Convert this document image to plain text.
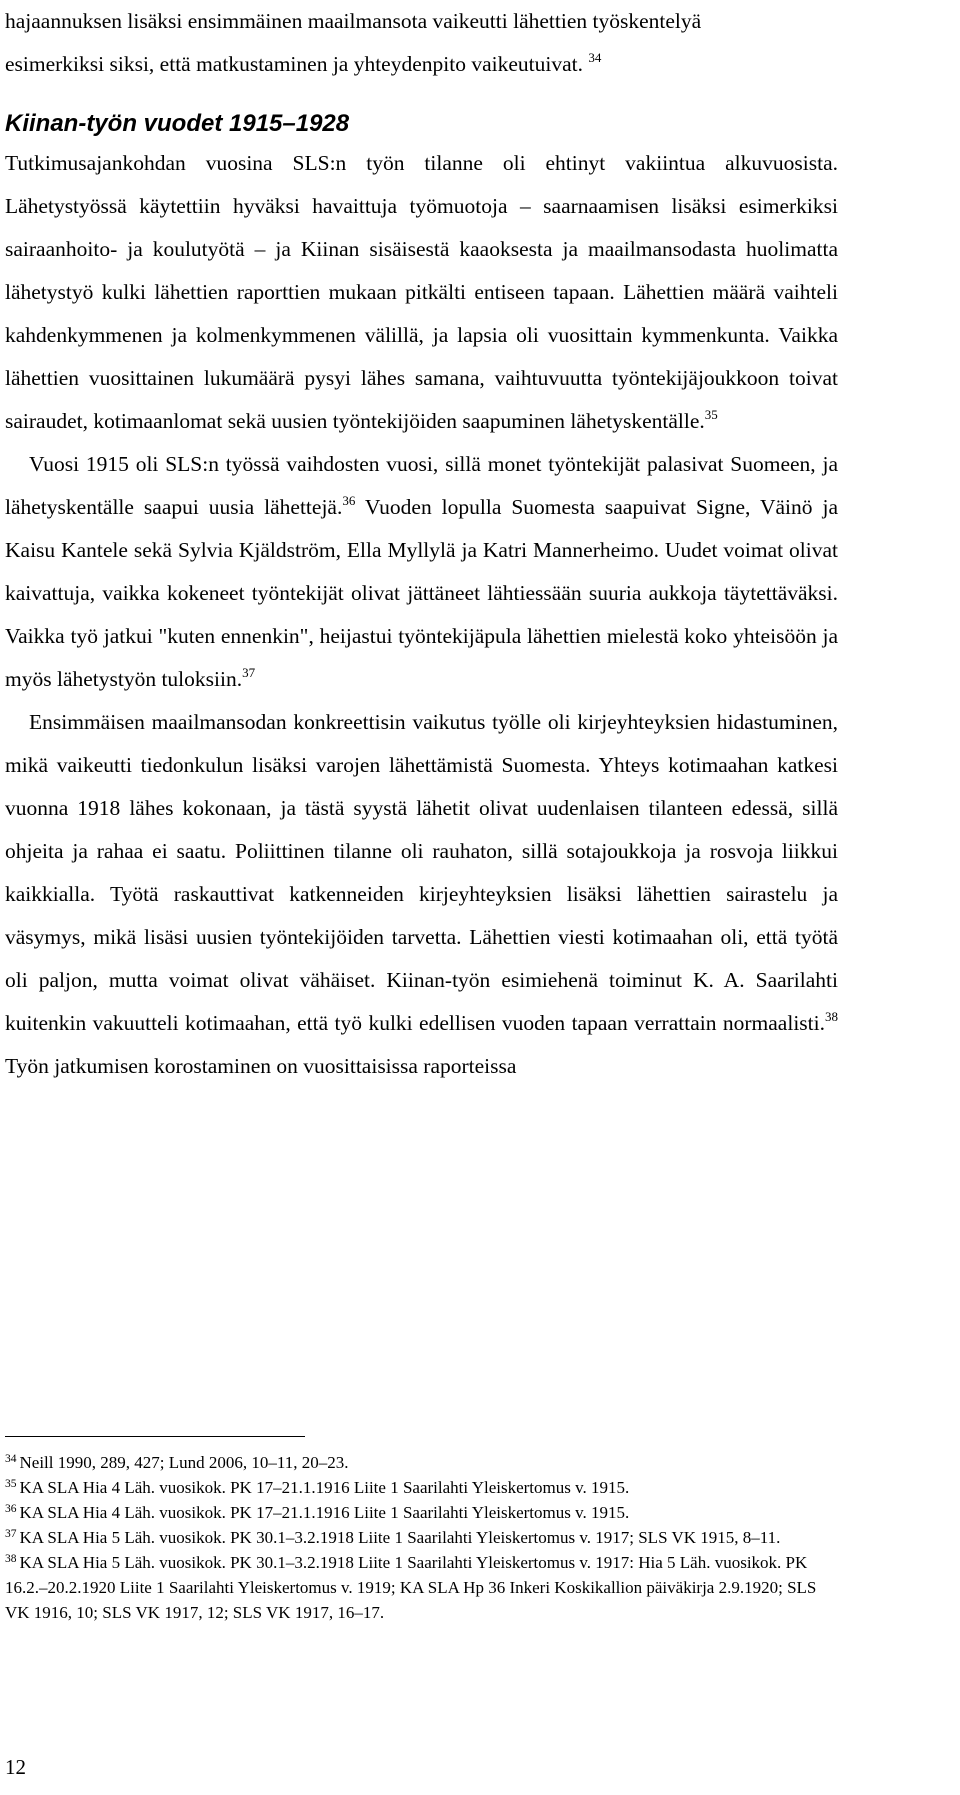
hajaannuksen lisäksi ensimmäinen maailmansota vaikeutti lähettien työskentelyä
esimerkiksi siksi, että matkustaminen ja yhteydenpito vaikeutuivat. $^{34}$

Kiinan-työn vuodet 1915–1928

Tutkimusajankohdan vuosina SLS:n työn tilanne oli ehtinyt vakiintua alkuvuosista. Lähetystyössä käytettiin hyväksi havaittuja työmuotoja – saarnaamisen lisäksi esimerkiksi sairaanhoito- ja koulutyötä – ja Kiinan sisäisestä kaaoksesta ja maailmansodasta huolimatta lähetystyö kulki lähettien raporttien mukaan pitkälti entiseen tapaan. Lähettien määrä vaihteli kahdenkymmenen ja kolmenkymmenen välillä, ja lapsia oli vuosittain kymmenkunta. Vaikka lähettien vuosittainen lukumäärä pysyi lähes samana, vaihtuvuutta työntekijäjoukkoon toivat sairaudet, kotimaanlomat sekä uusien työntekijöiden saapuminen lähetyskentälle.$^{35}$

Vuosi 1915 oli SLS:n työssä vaihdosten vuosi, sillä monet työntekijät palasivat Suomeen, ja lähetyskentälle saapui uusia lähettejä.$^{36}$ Vuoden lopulla Suomesta saapuivat Signe, Väinö ja Kaisu Kantele sekä Sylvia Kjäldström, Ella Myllylä ja Katri Mannerheimo. Uudet voimat olivat kaivattuja, vaikka kokeneet työntekijät olivat jättäneet lähtiessään suuria aukkoja täytettäväksi. Vaikka työ jatkui "kuten ennenkin", heijastui työntekijäpula lähettien mielestä koko yhteisöön ja myös lähetystyön tuloksiin.$^{37}$

Ensimmäisen maailmansodan konkreettisin vaikutus työlle oli kirjeyhteyksien hidastuminen, mikä vaikeutti tiedonkulun lisäksi varojen lähettämistä Suomesta. Yhteys kotimaahan katkesi vuonna 1918 lähes kokonaan, ja tästä syystä lähetit olivat uudenlaisen tilanteen edessä, sillä ohjeita ja rahaa ei saatu. Poliittinen tilanne oli rauhaton, sillä sotajoukkoja ja rosvoja liikkui kaikkialla. Työtä raskauttivat katkenneiden kirjeyhteyksien lisäksi lähettien sairastelu ja väsymys, mikä lisäsi uusien työntekijöiden tarvetta. Lähettien viesti kotimaahan oli, että työtä oli paljon, mutta voimat olivat vähäiset. Kiinan-työn esimiehenä toiminut K. A. Saarilahti kuitenkin vakuutteli kotimaahan, että työ kulki edellisen vuoden tapaan verrattain normaalisti.$^{38}$ Työn jatkumisen korostaminen on vuosittaisissa raporteissa

$^{34}$ Neill 1990, 289, 427; Lund 2006, 10–11, 20–23.
$^{35}$ KA SLA Hia 4 Läh. vuosikok. PK 17–21.1.1916 Liite 1 Saarilahti Yleiskertomus v. 1915.
$^{36}$ KA SLA Hia 4 Läh. vuosikok. PK 17–21.1.1916 Liite 1 Saarilahti Yleiskertomus v. 1915.
$^{37}$ KA SLA Hia 5 Läh. vuosikok. PK 30.1–3.2.1918 Liite 1 Saarilahti Yleiskertomus v. 1917; SLS VK 1915, 8–11.
$^{38}$ KA SLA Hia 5 Läh. vuosikok. PK 30.1–3.2.1918 Liite 1 Saarilahti Yleiskertomus v. 1917: Hia 5 Läh. vuosikok. PK 16.2.–20.2.1920 Liite 1 Saarilahti Yleiskertomus v. 1919; KA SLA Hp 36 Inkeri Koskikallion päiväkirja 2.9.1920; SLS VK 1916, 10; SLS VK 1917, 12; SLS VK 1917, 16–17.
12
